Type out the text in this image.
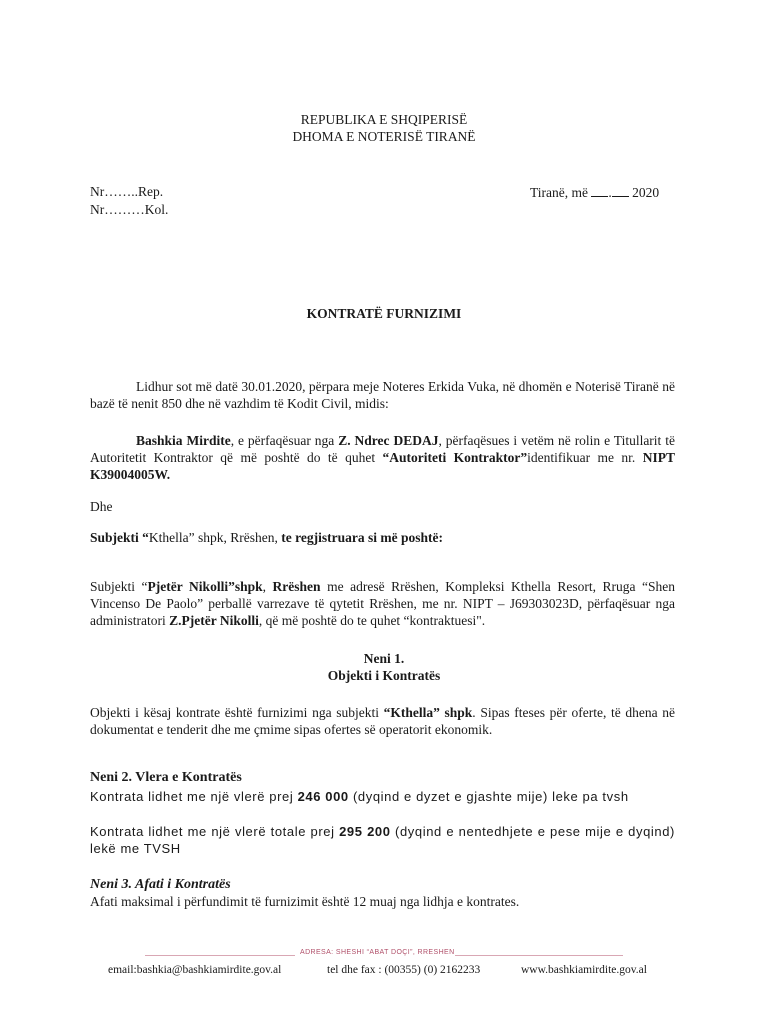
REPUBLIKA E SHQIPERISË
DHOMA E NOTERISË TIRANË
Nr……..Rep.
Nr………Kol.
Tiranë, më . 2020
KONTRATË FURNIZIMI
Lidhur sot më datë 30.01.2020, përpara meje Noteres Erkida Vuka, në dhomën e Noterisë Tiranë në bazë të nenit 850 dhe në vazhdim të Kodit Civil, midis:
Bashkia Mirdite, e përfaqësuar nga Z. Ndrec DEDAJ, përfaqësues i vetëm në rolin e Titullarit të Autoritetit Kontraktor që më poshtë do të quhet “Autoriteti Kontraktor”identifikuar me nr. NIPT K39004005W.
Dhe
Subjekti “Kthella” shpk, Rrëshen, te regjistruara si më poshtë:
Subjekti “Pjetër Nikolli”shpk, Rrëshen me adresë Rrëshen, Kompleksi Kthella Resort, Rruga “Shen Vincenso De Paolo” perballë varrezave të qytetit Rrëshen, me nr. NIPT – J69303023D, përfaqësuar nga administratori Z.Pjetër Nikolli, që më poshtë do te quhet “kontraktuesi".
Neni 1.
Objekti i Kontratës
Objekti i kësaj kontrate është furnizimi nga subjekti “Kthella” shpk. Sipas fteses për oferte, të dhena në dokumentat e tenderit dhe me çmime sipas ofertes së operatorit ekonomik.
Neni 2. Vlera e Kontratës
Kontrata lidhet me një vlerë prej 246 000 (dyqind e dyzet e gjashte mije) leke pa tvsh
Kontrata lidhet me një vlerë totale prej 295 200 (dyqind e nentedhjete e pese mije e dyqind) lekë me TVSH
Neni 3. Afati i Kontratës
Afati maksimal i përfundimit të furnizimit është 12 muaj nga lidhja e kontrates.
ADRESA: SHESHI “ABAT DOÇI”, RRESHEN
email:bashkia@bashkiamirdite.gov.al	tel dhe fax : (00355) (0) 2162233	www.bashkiamirdite.gov.al
